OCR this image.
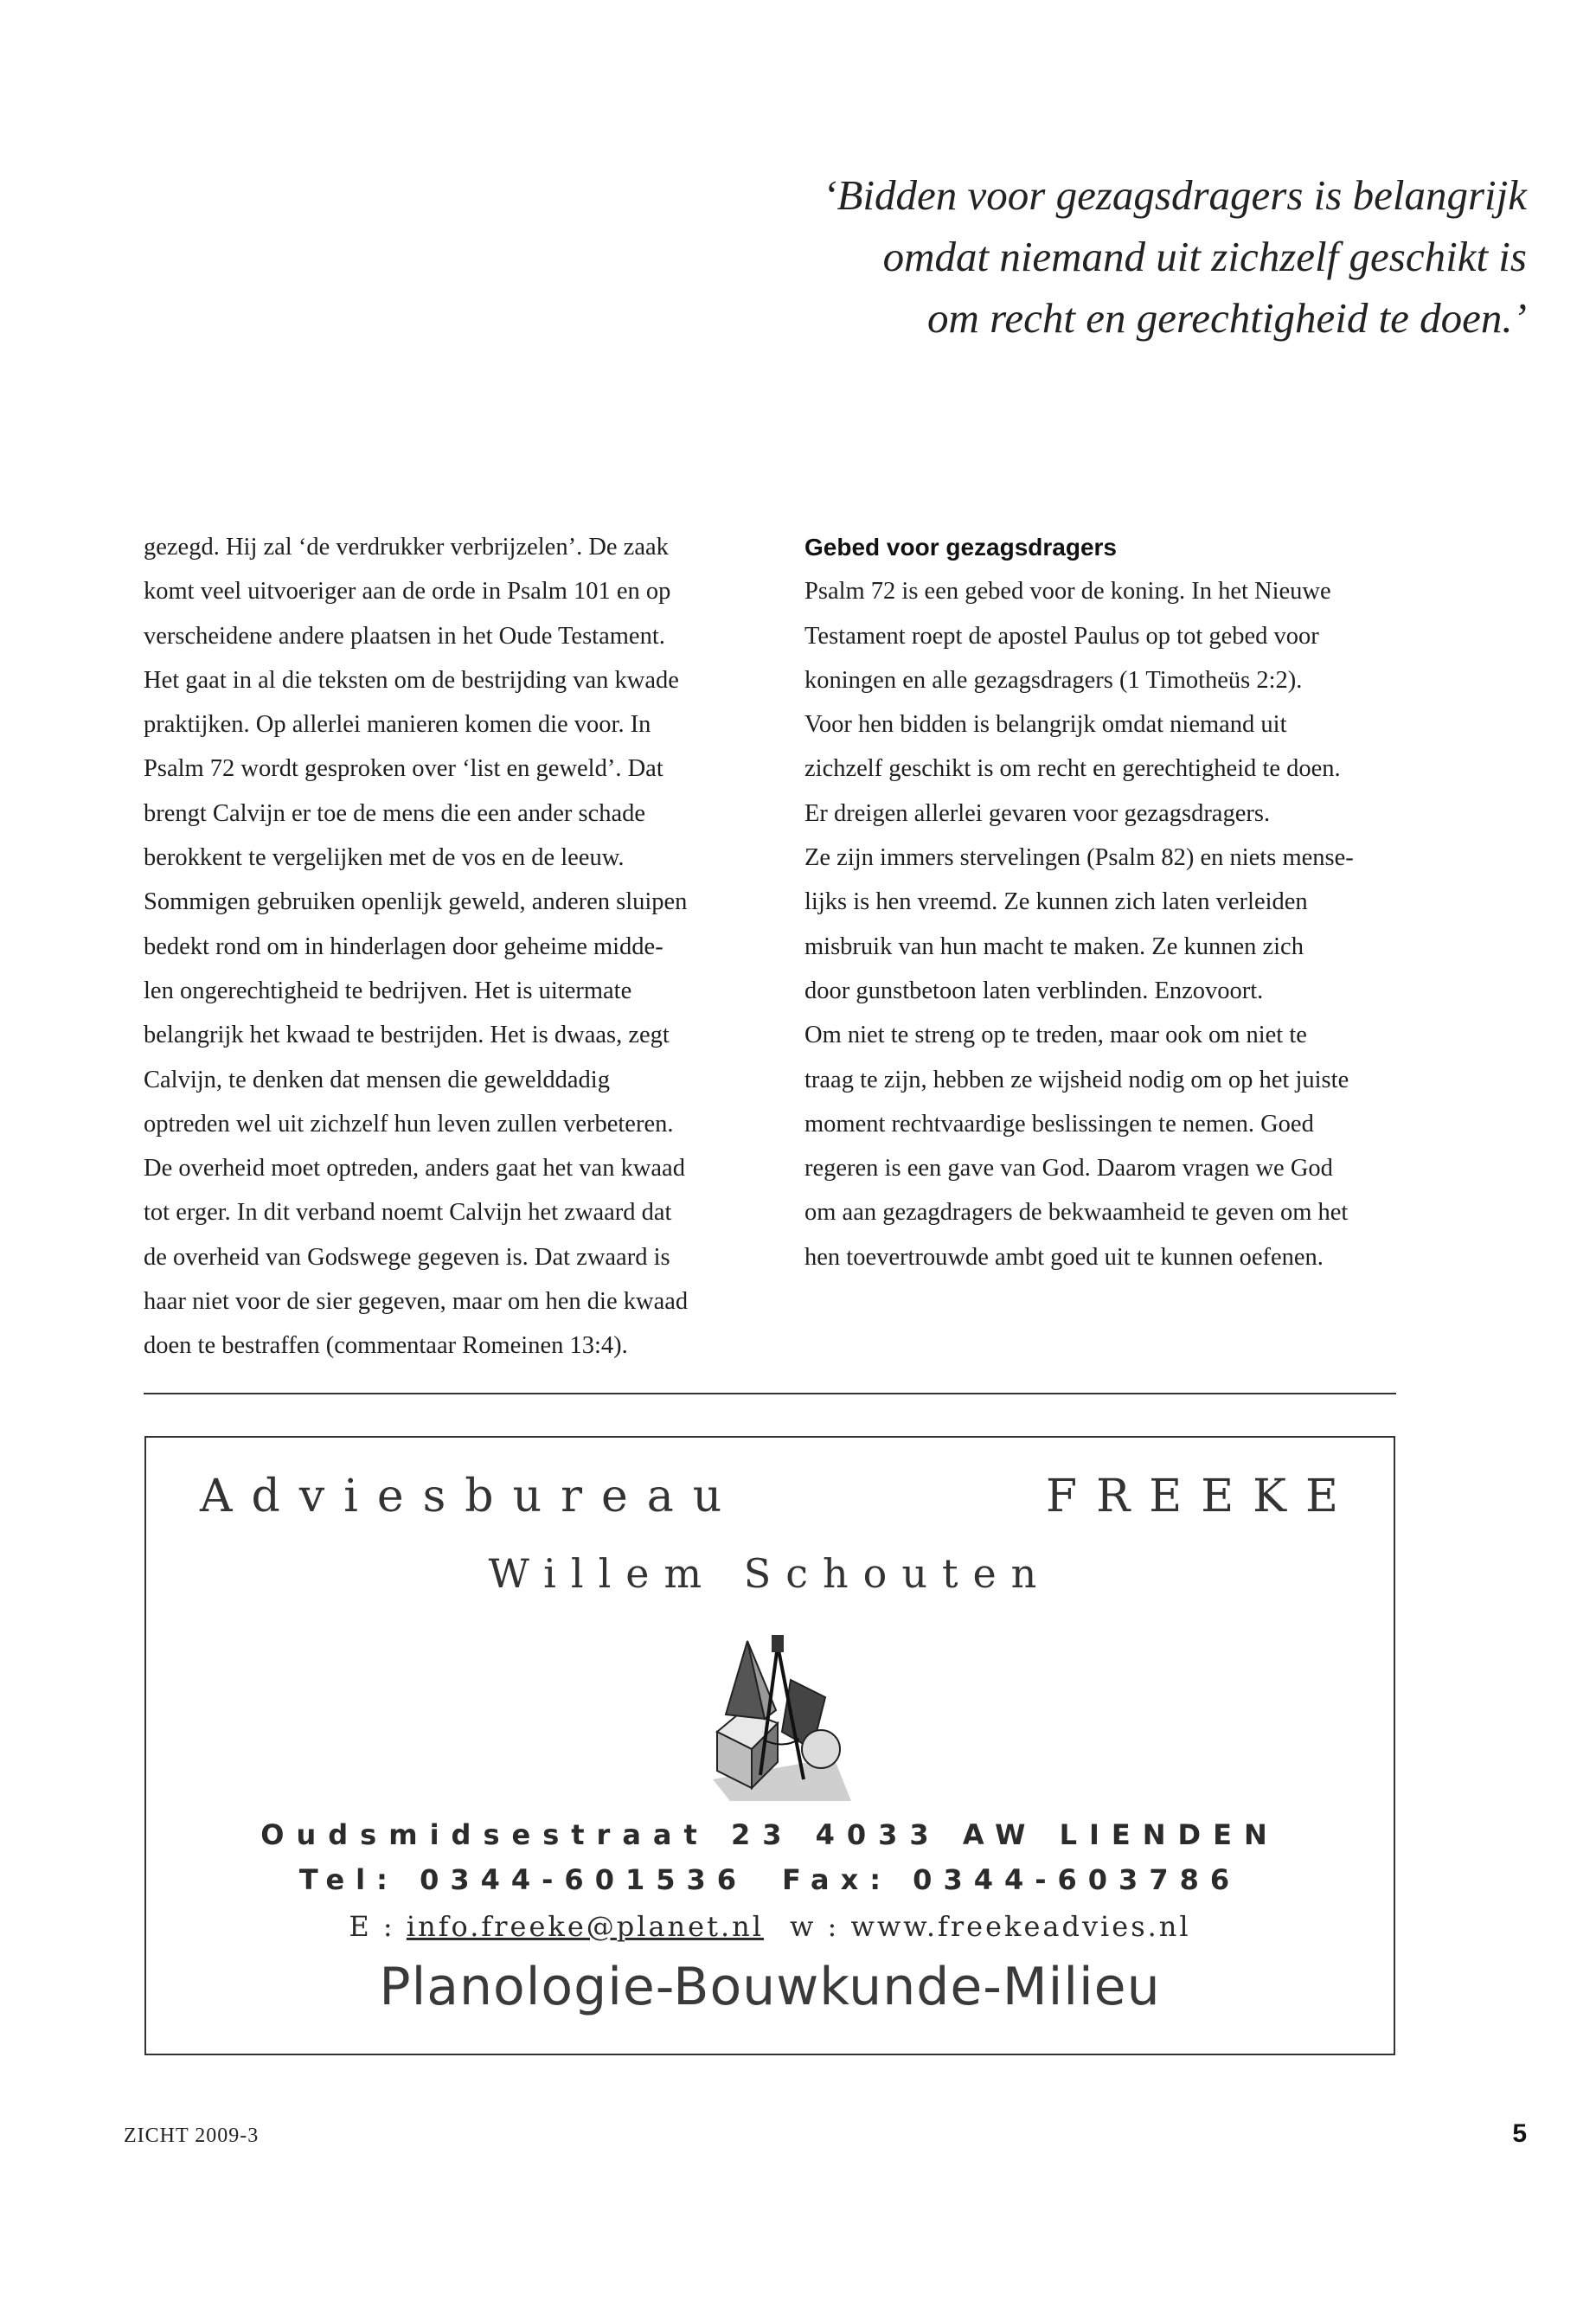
‘Bidden voor gezagsdragers is belangrijk
omdat niemand uit zichzelf geschikt is
om recht en gerechtigheid te doen.’
gezegd. Hij zal ‘de verdrukker verbrijzelen’. De zaak
komt veel uitvoeriger aan de orde in Psalm 101 en op
verscheidene andere plaatsen in het Oude Testament.
Het gaat in al die teksten om de bestrijding van kwade
praktijken. Op allerlei manieren komen die voor. In
Psalm 72 wordt gesproken over ‘list en geweld’. Dat
brengt Calvijn er toe de mens die een ander schade
berokkent te vergelijken met de vos en de leeuw.
Sommigen gebruiken openlijk geweld, anderen sluipen
bedekt rond om in hinderlagen door geheime midde-
len ongerechtigheid te bedrijven. Het is uitermate
belangrijk het kwaad te bestrijden. Het is dwaas, zegt
Calvijn, te denken dat mensen die gewelddadig
optreden wel uit zichzelf hun leven zullen verbeteren.
De overheid moet optreden, anders gaat het van kwaad
tot erger. In dit verband noemt Calvijn het zwaard dat
de overheid van Godswege gegeven is. Dat zwaard is
haar niet voor de sier gegeven, maar om hen die kwaad
doen te bestraffen (commentaar Romeinen 13:4).
Gebed voor gezagsdragers
Psalm 72 is een gebed voor de koning. In het Nieuwe
Testament roept de apostel Paulus op tot gebed voor
koningen en alle gezagsdragers (1 Timotheüs 2:2).
Voor hen bidden is belangrijk omdat niemand uit
zichzelf geschikt is om recht en gerechtigheid te doen.
Er dreigen allerlei gevaren voor gezagsdragers.
Ze zijn immers stervelingen (Psalm 82) en niets mense-
lijks is hen vreemd. Ze kunnen zich laten verleiden
misbruik van hun macht te maken. Ze kunnen zich
door gunstbetoon laten verblinden. Enzovoort.
Om niet te streng op te treden, maar ook om niet te
traag te zijn, hebben ze wijsheid nodig om op het juiste
moment rechtvaardige beslissingen te nemen. Goed
regeren is een gave van God. Daarom vragen we God
om aan gezagdragers de bekwaamheid te geven om het
hen toevertrouwde ambt goed uit te kunnen oefenen.
Adviesbureau	FREEKE
Willem Schouten
Oudsmidsestraat 23 4033 AW LIENDEN
Tel: 0344-601536 Fax: 0344-603786
E : info.freeke@planet.nl w : www.freekeadvies.nl
Planologie-Bouwkunde-Milieu
ZICHT 2009-3	5
